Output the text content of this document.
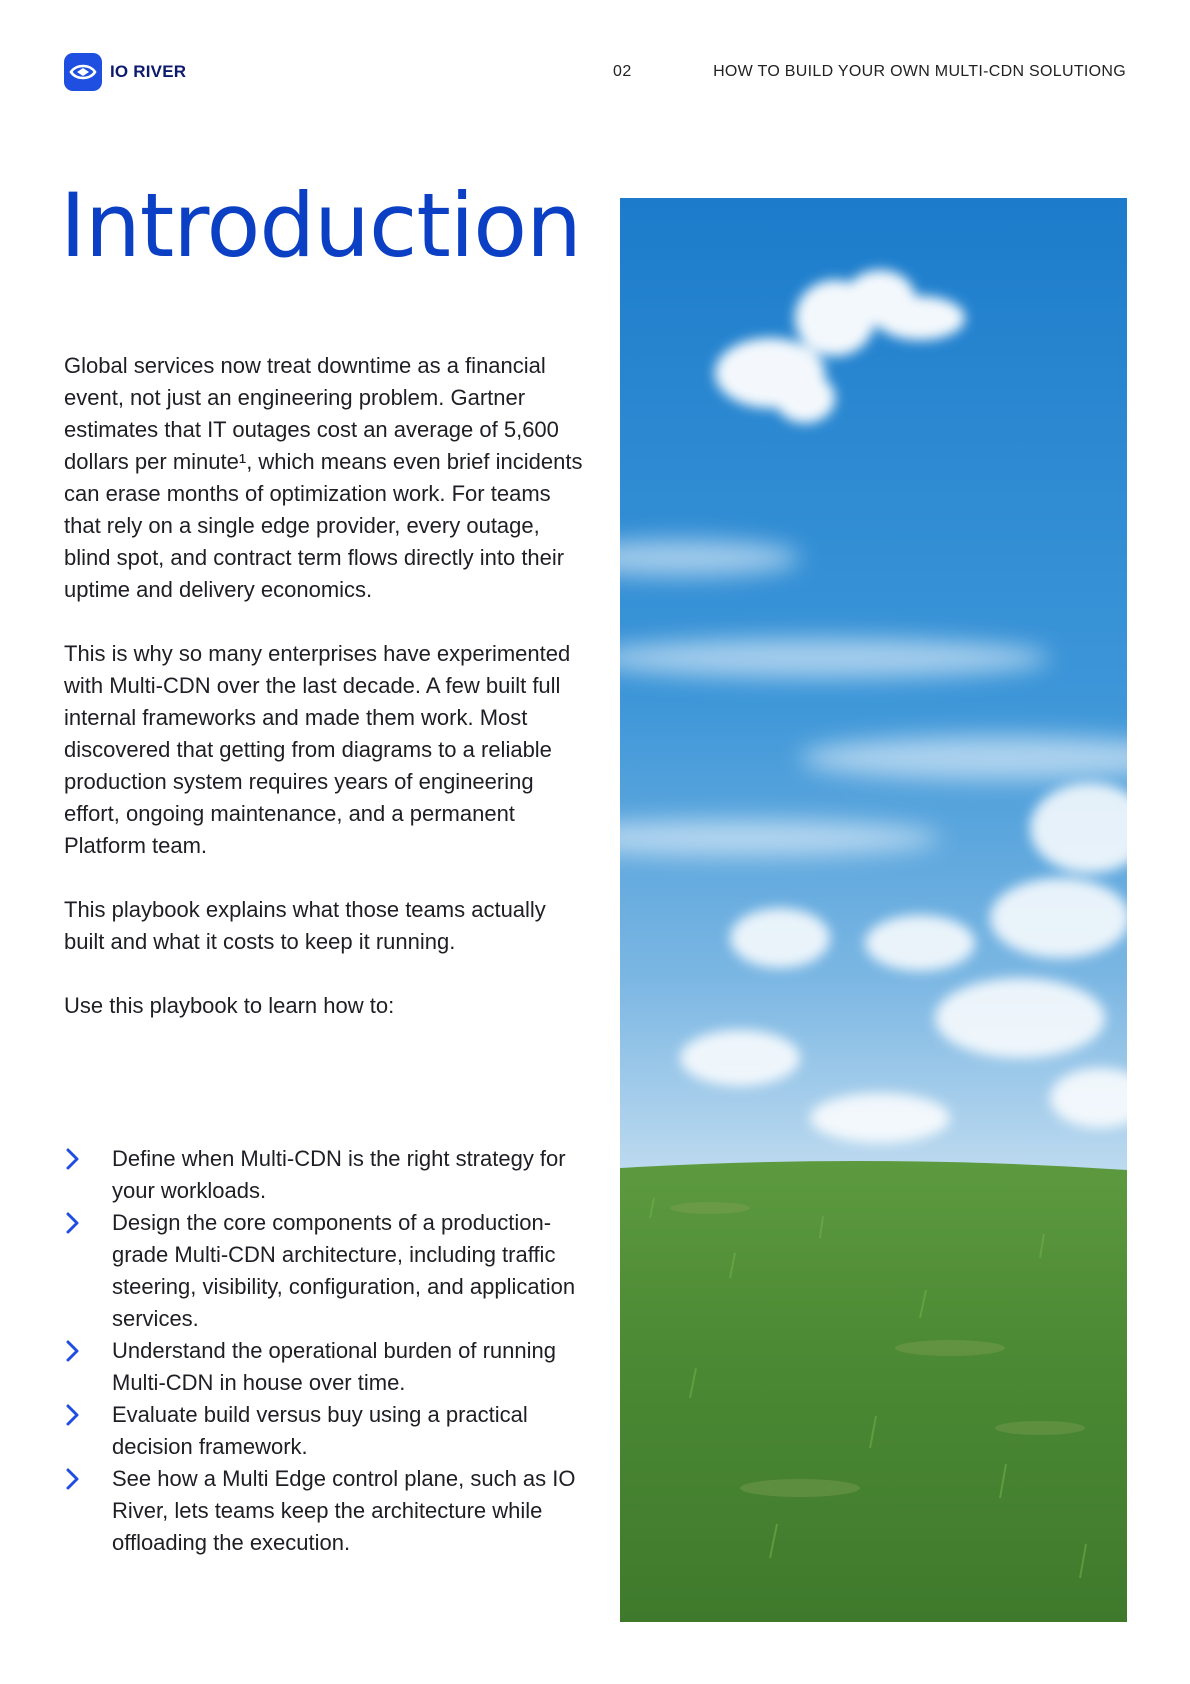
IO RIVER	02	HOW TO BUILD YOUR OWN MULTI-CDN SOLUTIONG
Introduction

Global services now treat downtime as a financial event, not just an engineering problem. Gartner estimates that IT outages cost an average of 5,600 dollars per minute¹, which means even brief incidents can erase months of optimization work. For teams that rely on a single edge provider, every outage, blind spot, and contract term flows directly into their uptime and delivery economics.

This is why so many enterprises have experimented with Multi-CDN over the last decade. A few built full internal frameworks and made them work. Most discovered that getting from diagrams to a reliable production system requires years of engineering effort, ongoing maintenance, and a permanent Platform team.

This playbook explains what those teams actually built and what it costs to keep it running.

Use this playbook to learn how to:

Define when Multi-CDN is the right strategy for your workloads.
Design the core components of a production-grade Multi-CDN architecture, including traffic steering, visibility, configuration, and application services.
Understand the operational burden of running Multi-CDN in house over time.
Evaluate build versus buy using a practical decision framework.
See how a Multi Edge control plane, such as IO River, lets teams keep the architecture while offloading the execution.
